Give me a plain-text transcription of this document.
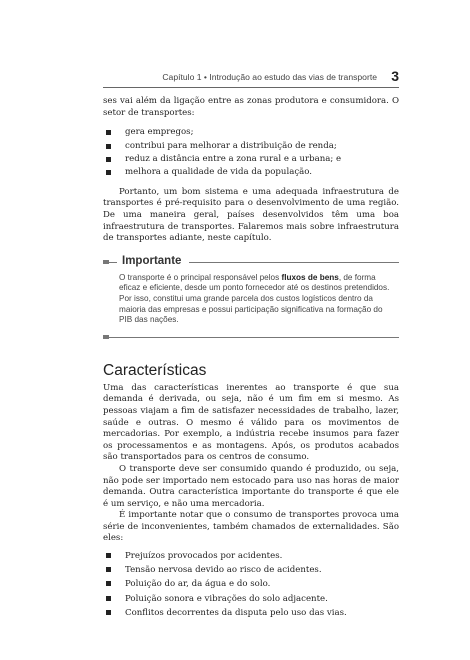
Capítulo 1 • Introdução ao estudo das vias de transporte 3

ses vai além da ligação entre as zonas produtora e consumidora. O setor de transportes:

gera empregos;
contribui para melhorar a distribuição de renda;
reduz a distância entre a zona rural e a urbana; e
melhora a qualidade de vida da população.

Portanto, um bom sistema e uma adequada infraestrutura de transportes é pré-requisito para o desenvolvimento de uma região. De uma maneira geral, países desenvolvidos têm uma boa infraestrutura de transportes. Falaremos mais sobre infraestrutura de transportes adiante, neste capítulo.

Importante

O transporte é o principal responsável pelos fluxos de bens, de forma eficaz e eficiente, desde um ponto fornecedor até os destinos pretendidos. Por isso, constitui uma grande parcela dos custos logísticos dentro da maioria das empresas e possui participação significativa na formação do PIB das nações.

Características

Uma das características inerentes ao transporte é que sua demanda é derivada, ou seja, não é um fim em si mesmo. As pessoas viajam a fim de satisfazer necessidades de trabalho, lazer, saúde e outras. O mesmo é válido para os movimentos de mercadorias. Por exemplo, a indústria recebe insumos para fazer os processamentos e as montagens. Após, os produtos acabados são transportados para os centros de consumo.

O transporte deve ser consumido quando é produzido, ou seja, não pode ser importado nem estocado para uso nas horas de maior demanda. Outra característica importante do transporte é que ele é um serviço, e não uma mercadoria.

É importante notar que o consumo de transportes provoca uma série de inconvenientes, também chamados de externalidades. São eles:

Prejuízos provocados por acidentes.
Tensão nervosa devido ao risco de acidentes.
Poluição do ar, da água e do solo.
Poluição sonora e vibrações do solo adjacente.
Conflitos decorrentes da disputa pelo uso das vias.
